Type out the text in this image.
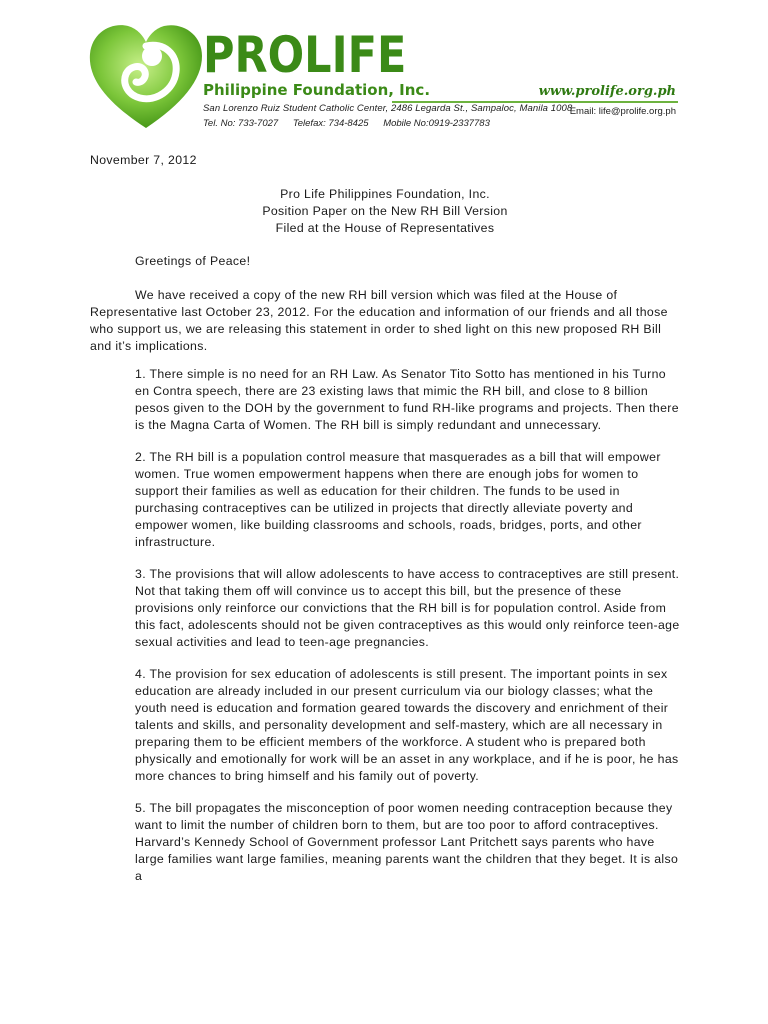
PROLIFE
Philippine Foundation, Inc.
San Lorenzo Ruiz Student Catholic Center, 2486 Legarda St., Sampaloc, Manila 1008
Tel. No: 733-7027 Telefax: 734-8425 Mobile No:0919-2337783
www.prolife.org.ph
Email: life@prolife.org.ph
November 7, 2012
Pro Life Philippines Foundation, Inc.
Position Paper on the New RH Bill Version
Filed at the House of Representatives
Greetings of Peace!

We have received a copy of the new RH bill version which was filed at the House of Representative last October 23, 2012. For the education and information of our friends and all those who support us, we are releasing this statement in order to shed light on this new proposed RH Bill and it’s implications.

1. There simple is no need for an RH Law. As Senator Tito Sotto has mentioned in his Turno en Contra speech, there are 23 existing laws that mimic the RH bill, and close to 8 billion pesos given to the DOH by the government to fund RH-like programs and projects. Then there is the Magna Carta of Women. The RH bill is simply redundant and unnecessary.

2. The RH bill is a population control measure that masquerades as a bill that will empower women. True women empowerment happens when there are enough jobs for women to support their families as well as education for their children. The funds to be used in purchasing contraceptives can be utilized in projects that directly alleviate poverty and empower women, like building classrooms and schools, roads, bridges, ports, and other infrastructure.

3. The provisions that will allow adolescents to have access to contraceptives are still present. Not that taking them off will convince us to accept this bill, but the presence of these provisions only reinforce our convictions that the RH bill is for population control. Aside from this fact, adolescents should not be given contraceptives as this would only reinforce teen-age sexual activities and lead to teen-age pregnancies.

4. The provision for sex education of adolescents is still present. The important points in sex education are already included in our present curriculum via our biology classes; what the youth need is education and formation geared towards the discovery and enrichment of their talents and skills, and personality development and self-mastery, which are all necessary in preparing them to be efficient members of the workforce. A student who is prepared both physically and emotionally for work will be an asset in any workplace, and if he is poor, he has more chances to bring himself and his family out of poverty.

5. The bill propagates the misconception of poor women needing contraception because they want to limit the number of children born to them, but are too poor to afford contraceptives. Harvard’s Kennedy School of Government professor Lant Pritchett says parents who have large families want large families, meaning parents want the children that they beget. It is also a
